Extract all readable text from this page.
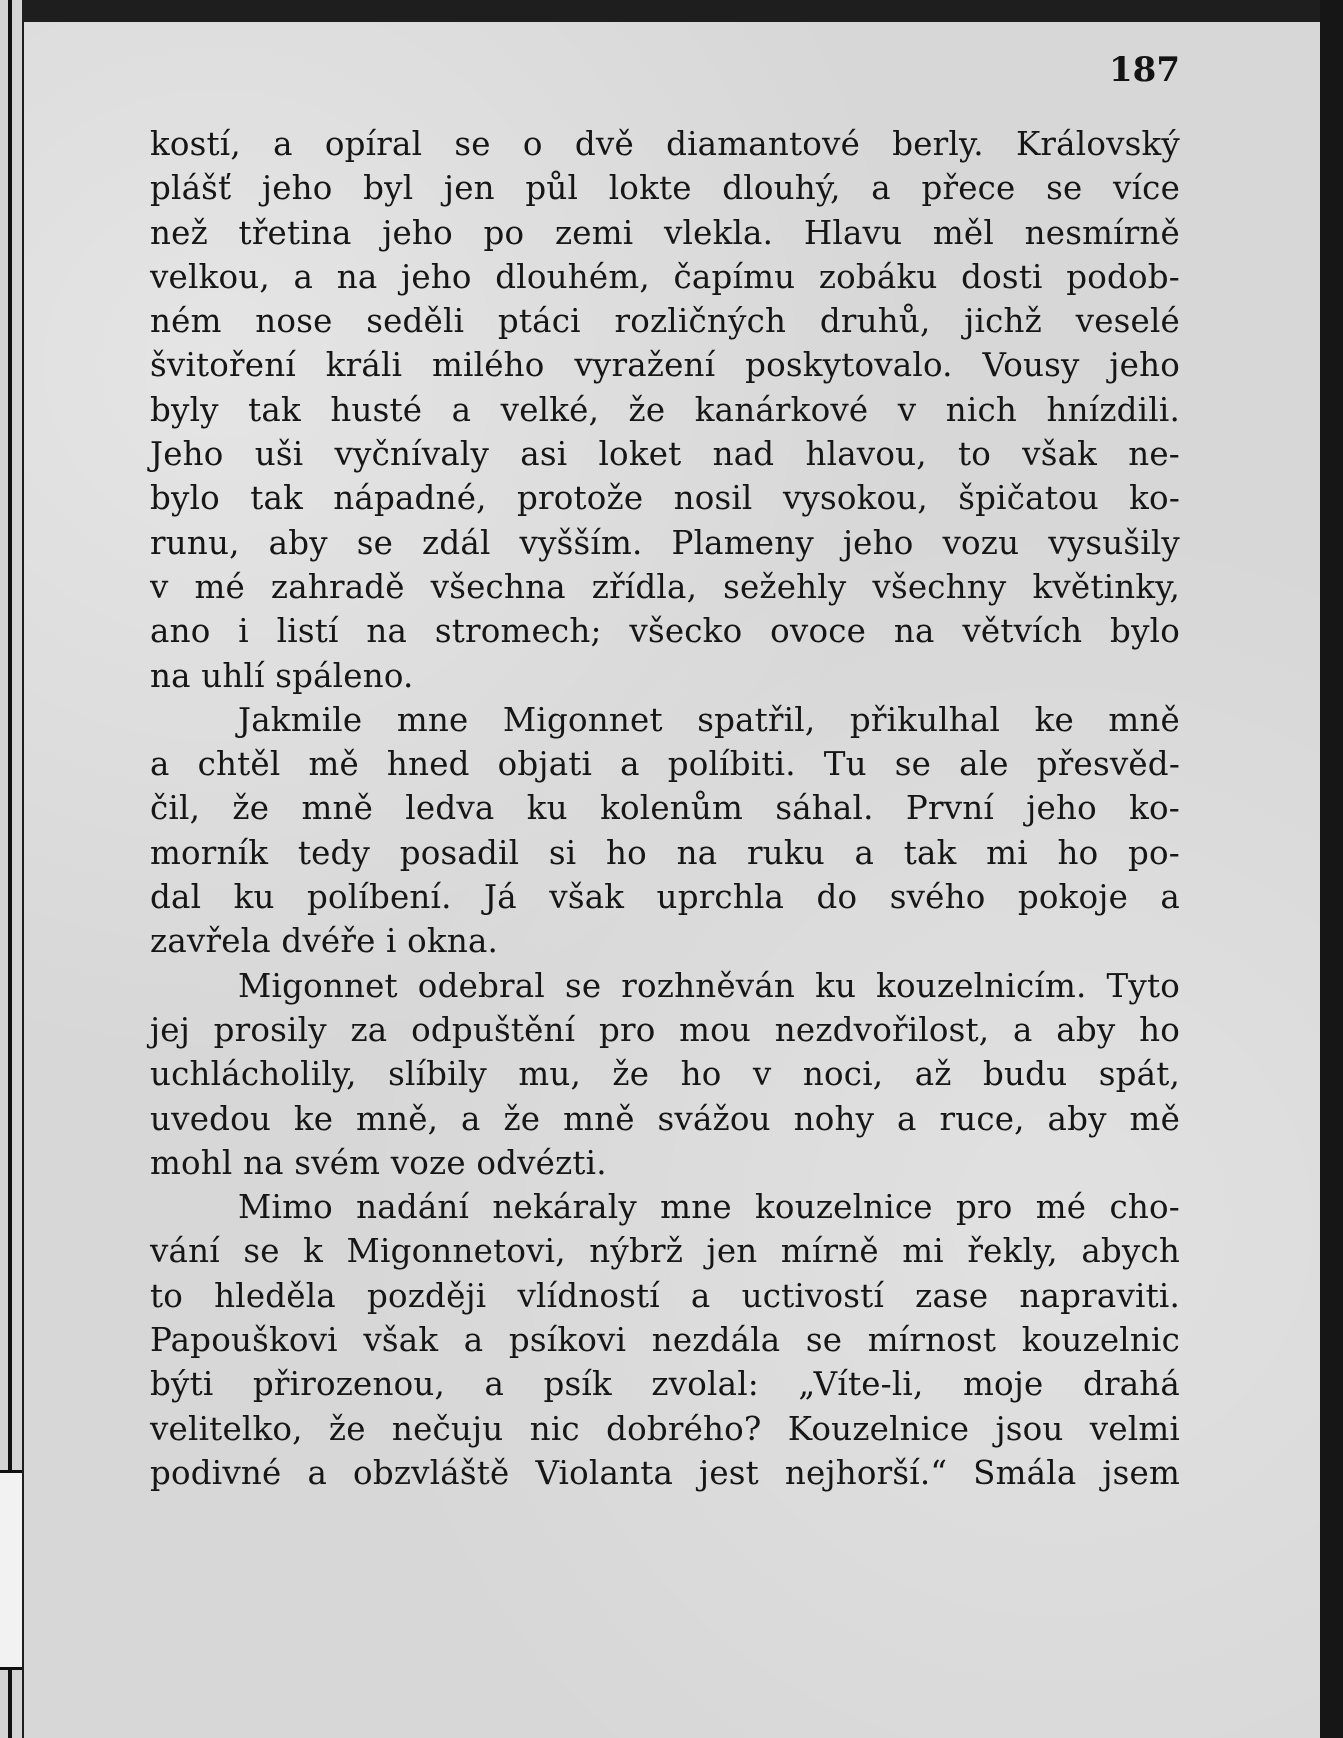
187
kostí, a opíral se o dvě diamantové berly. Královský
plášť jeho byl jen půl lokte dlouhý, a přece se více
než třetina jeho po zemi vlekla. Hlavu měl nesmírně
velkou, a na jeho dlouhém, čapímu zobáku dosti podob-
ném nose seděli ptáci rozličných druhů, jichž veselé
švitoření králi milého vyražení poskytovalo. Vousy jeho
byly tak husté a velké, že kanárkové v nich hnízdili.
Jeho uši vyčnívaly asi loket nad hlavou, to však ne-
bylo tak nápadné, protože nosil vysokou, špičatou ko-
runu, aby se zdál vyšším. Plameny jeho vozu vysušily
v mé zahradě všechna zřídla, sežehly všechny květinky,
ano i listí na stromech; všecko ovoce na větvích bylo
na uhlí spáleno.
Jakmile mne Migonnet spatřil, přikulhal ke mně
a chtěl mě hned objati a políbiti. Tu se ale přesvěd-
čil, že mně ledva ku kolenům sáhal. První jeho ko-
morník tedy posadil si ho na ruku a tak mi ho po-
dal ku políbení. Já však uprchla do svého pokoje a
zavřela dvéře i okna.
Migonnet odebral se rozhněván ku kouzelnicím. Tyto
jej prosily za odpuštění pro mou nezdvořilost, a aby ho
uchlácholily, slíbily mu, že ho v noci, až budu spát,
uvedou ke mně, a že mně svážou nohy a ruce, aby mě
mohl na svém voze odvézti.
Mimo nadání nekáraly mne kouzelnice pro mé cho-
vání se k Migonnetovi, nýbrž jen mírně mi řekly, abych
to hleděla později vlídností a uctivostí zase napraviti.
Papouškovi však a psíkovi nezdála se mírnost kouzelnic
býti přirozenou, a psík zvolal: „Víte-li, moje drahá
velitelko, že nečuju nic dobrého? Kouzelnice jsou velmi
podivné a obzvláště Violanta jest nejhorší.“ Smála jsem
